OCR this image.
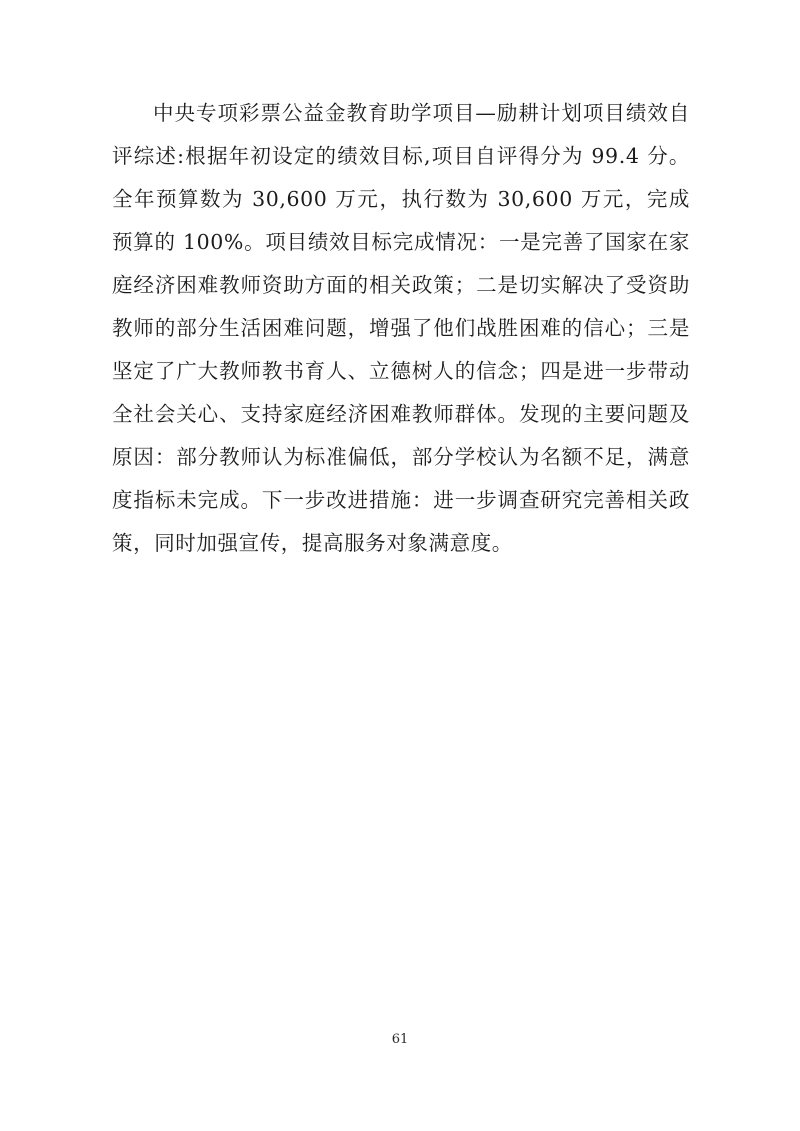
中央专项彩票公益金教育助学项目—励耕计划项目绩效自评综述:根据年初设定的绩效目标,项目自评得分为 99.4 分。全年预算数为 30,600 万元，执行数为 30,600 万元，完成预算的 100%。项目绩效目标完成情况：一是完善了国家在家庭经济困难教师资助方面的相关政策；二是切实解决了受资助教师的部分生活困难问题，增强了他们战胜困难的信心；三是坚定了广大教师教书育人、立德树人的信念；四是进一步带动全社会关心、支持家庭经济困难教师群体。发现的主要问题及原因：部分教师认为标准偏低，部分学校认为名额不足，满意度指标未完成。下一步改进措施：进一步调查研究完善相关政策，同时加强宣传，提高服务对象满意度。

61
